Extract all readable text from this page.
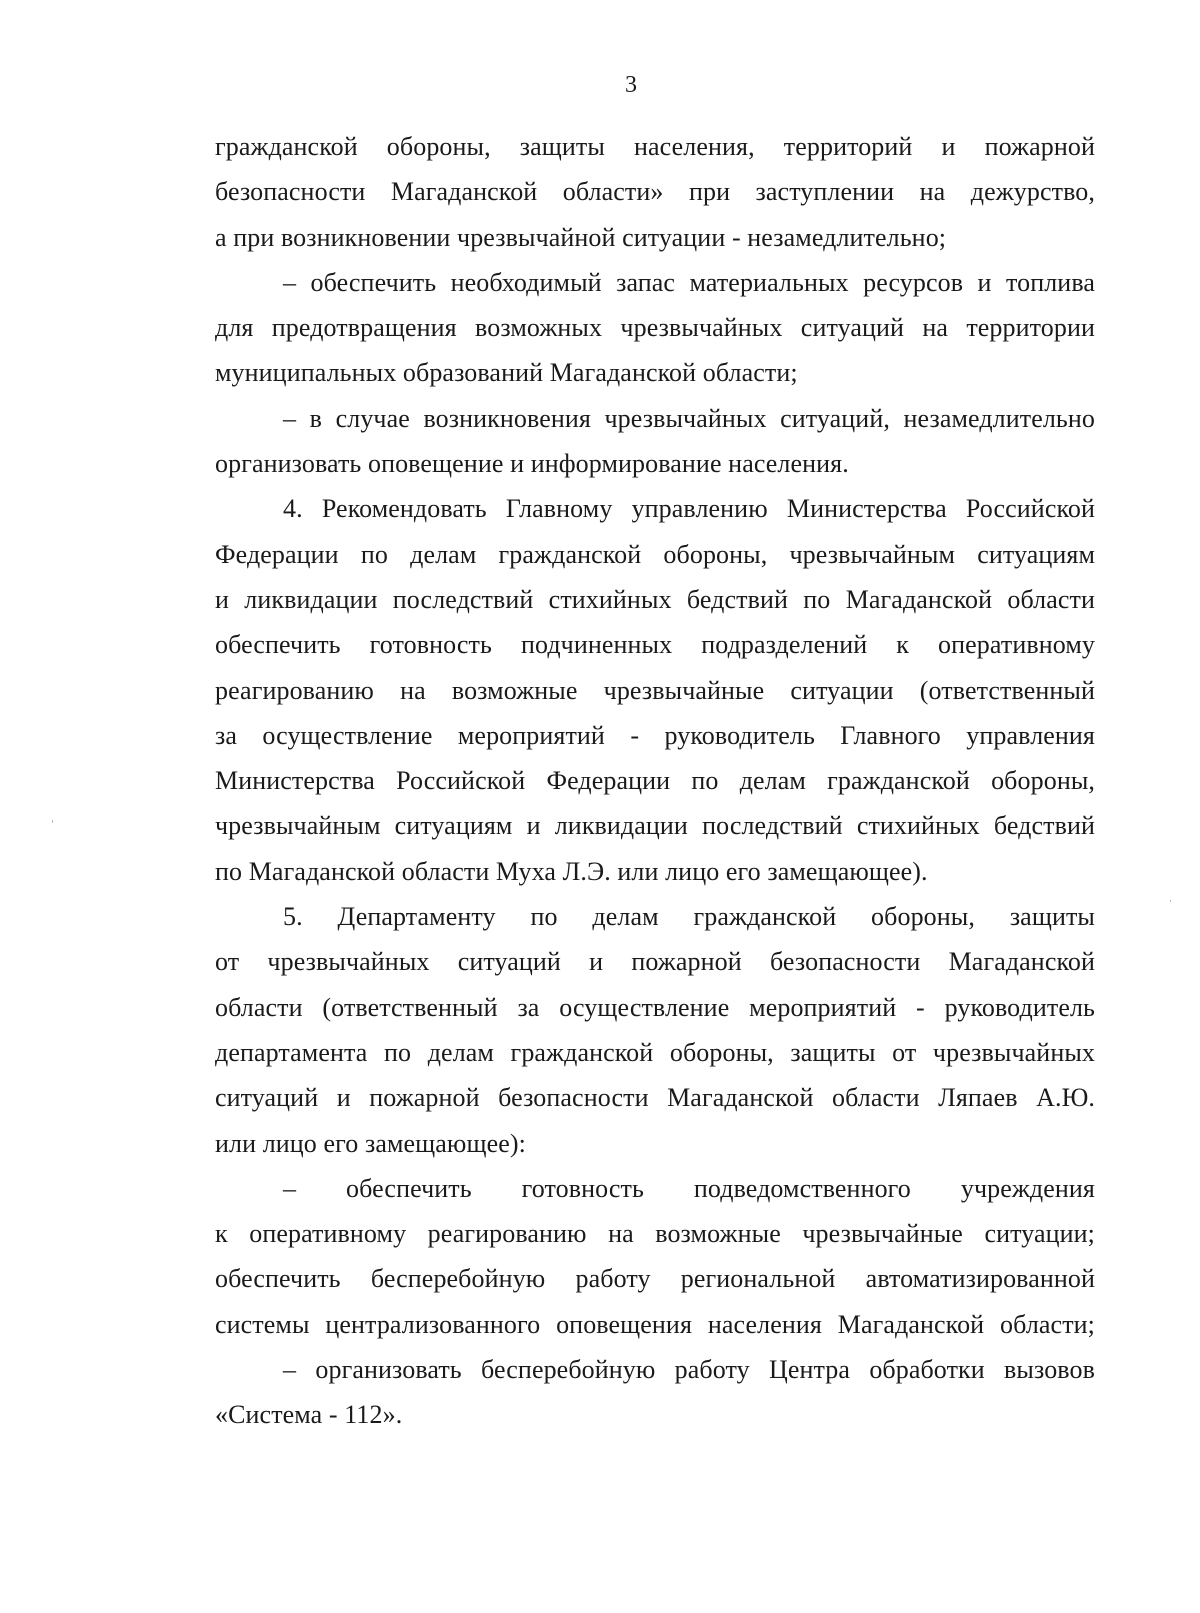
3
гражданской обороны, защиты населения, территорий и пожарной
безопасности Магаданской области» при заступлении на дежурство,
а при возникновении чрезвычайной ситуации - незамедлительно;
– обеспечить необходимый запас материальных ресурсов и топлива
для предотвращения возможных чрезвычайных ситуаций на территории
муниципальных образований Магаданской области;
– в случае возникновения чрезвычайных ситуаций, незамедлительно
организовать оповещение и информирование населения.
4. Рекомендовать Главному управлению Министерства Российской
Федерации по делам гражданской обороны, чрезвычайным ситуациям
и ликвидации последствий стихийных бедствий по Магаданской области
обеспечить готовность подчиненных подразделений к оперативному
реагированию на возможные чрезвычайные ситуации (ответственный
за осуществление мероприятий - руководитель Главного управления
Министерства Российской Федерации по делам гражданской обороны,
чрезвычайным ситуациям и ликвидации последствий стихийных бедствий
по Магаданской области Муха Л.Э. или лицо его замещающее).
5. Департаменту по делам гражданской обороны, защиты
от чрезвычайных ситуаций и пожарной безопасности Магаданской
области (ответственный за осуществление мероприятий - руководитель
департамента по делам гражданской обороны, защиты от чрезвычайных
ситуаций и пожарной безопасности Магаданской области Ляпаев А.Ю.
или лицо его замещающее):
– обеспечить готовность подведомственного учреждения
к оперативному реагированию на возможные чрезвычайные ситуации;
обеспечить бесперебойную работу региональной автоматизированной
системы централизованного оповещения населения Магаданской области;
– организовать бесперебойную работу Центра обработки вызовов
«Система - 112».
